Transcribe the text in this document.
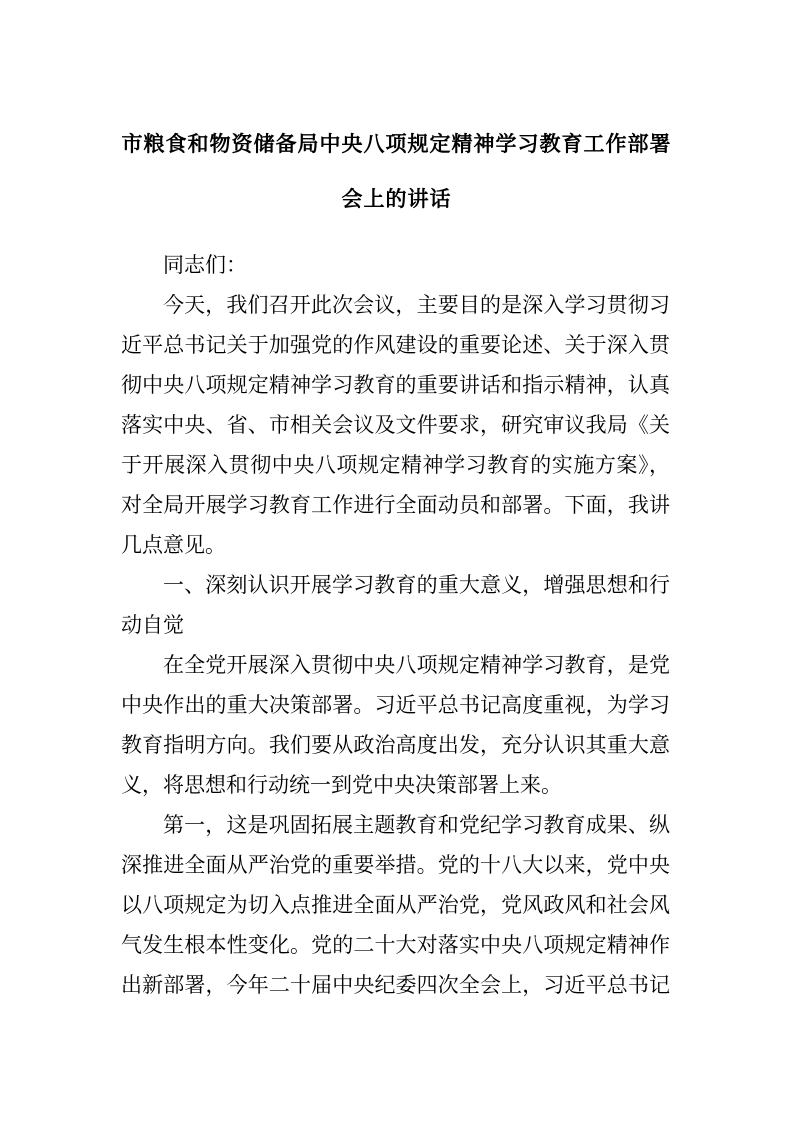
市粮食和物资储备局中央八项规定精神学习教育工作部署
会上的讲话
同志们：
今天，我们召开此次会议，主要目的是深入学习贯彻习
近平总书记关于加强党的作风建设的重要论述、关于深入贯
彻中央八项规定精神学习教育的重要讲话和指示精神，认真
落实中央、省、市相关会议及文件要求，研究审议我局《关
于开展深入贯彻中央八项规定精神学习教育的实施方案》，
对全局开展学习教育工作进行全面动员和部署。下面，我讲
几点意见。
一、深刻认识开展学习教育的重大意义，增强思想和行
动自觉
在全党开展深入贯彻中央八项规定精神学习教育，是党
中央作出的重大决策部署。习近平总书记高度重视，为学习
教育指明方向。我们要从政治高度出发，充分认识其重大意
义，将思想和行动统一到党中央决策部署上来。
第一，这是巩固拓展主题教育和党纪学习教育成果、纵
深推进全面从严治党的重要举措。党的十八大以来，党中央
以八项规定为切入点推进全面从严治党，党风政风和社会风
气发生根本性变化。党的二十大对落实中央八项规定精神作
出新部署，今年二十届中央纪委四次全会上，习近平总书记
